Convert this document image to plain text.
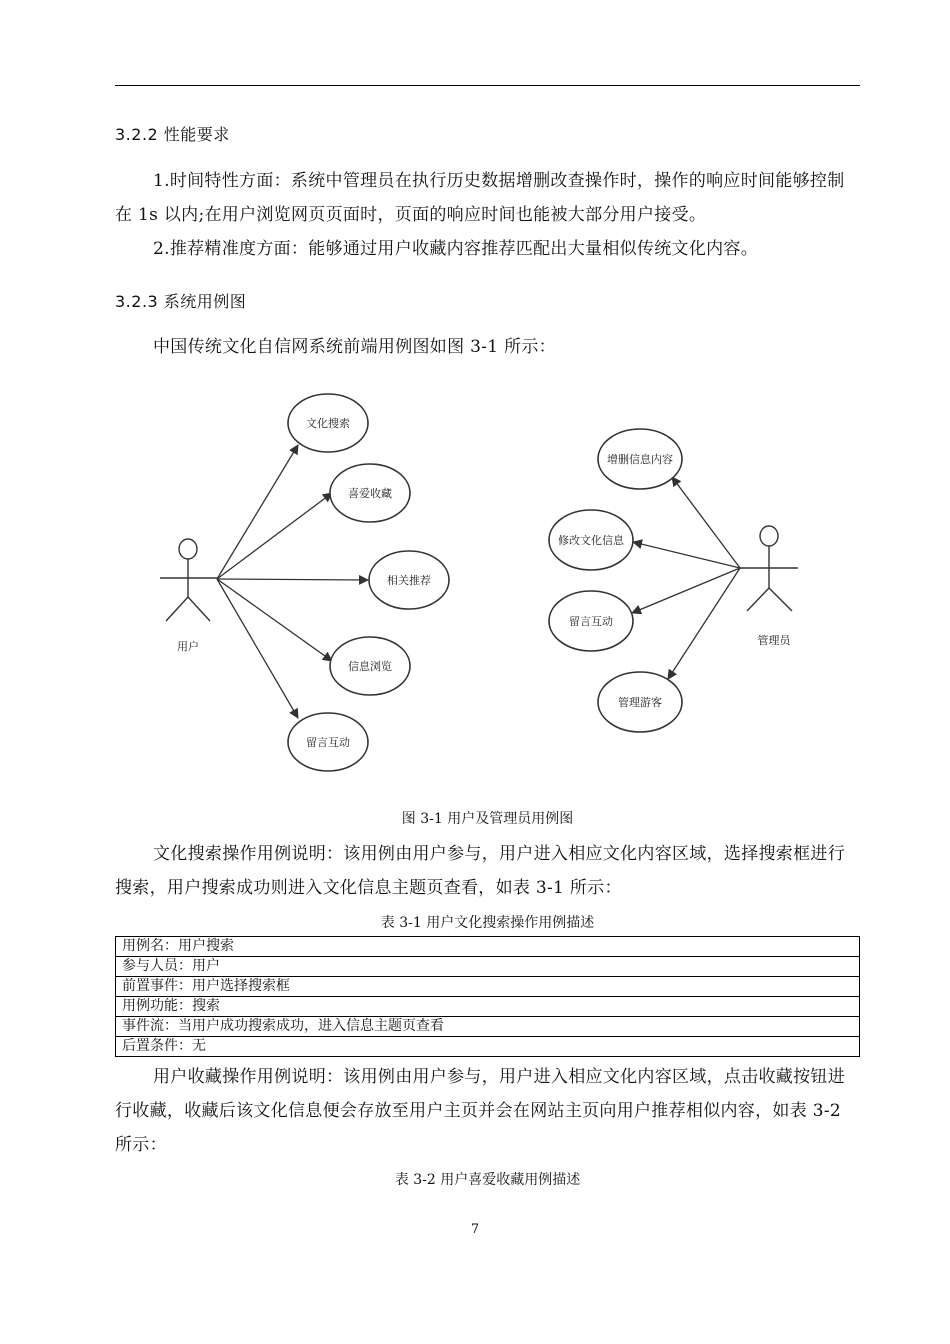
3.2.2 性能要求
1.时间特性方面：系统中管理员在执行历史数据增删改查操作时，操作的响应时间能够控制在 1s 以内;在用户浏览网页页面时，页面的响应时间也能被大部分用户接受。
2.推荐精准度方面：能够通过用户收藏内容推荐匹配出大量相似传统文化内容。
3.2.3 系统用例图
中国传统文化自信网系统前端用例图如图 3-1 所示：
用户
文化搜索
喜爱收藏
相关推荐
信息浏览
留言互动
管理员
增删信息内容
修改文化信息
留言互动
管理游客
图 3-1 用户及管理员用例图
文化搜索操作用例说明：该用例由用户参与，用户进入相应文化内容区域，选择搜索框进行搜索，用户搜索成功则进入文化信息主题页查看，如表 3-1 所示：
表 3-1 用户文化搜索操作用例描述
用例名：用户搜索
参与人员：用户
前置事件：用户选择搜索框
用例功能：搜索
事件流：当用户成功搜索成功，进入信息主题页查看
后置条件：无
用户收藏操作用例说明：该用例由用户参与，用户进入相应文化内容区域，点击收藏按钮进行收藏，收藏后该文化信息便会存放至用户主页并会在网站主页向用户推荐相似内容，如表 3-2 所示：
表 3-2 用户喜爱收藏用例描述
7
